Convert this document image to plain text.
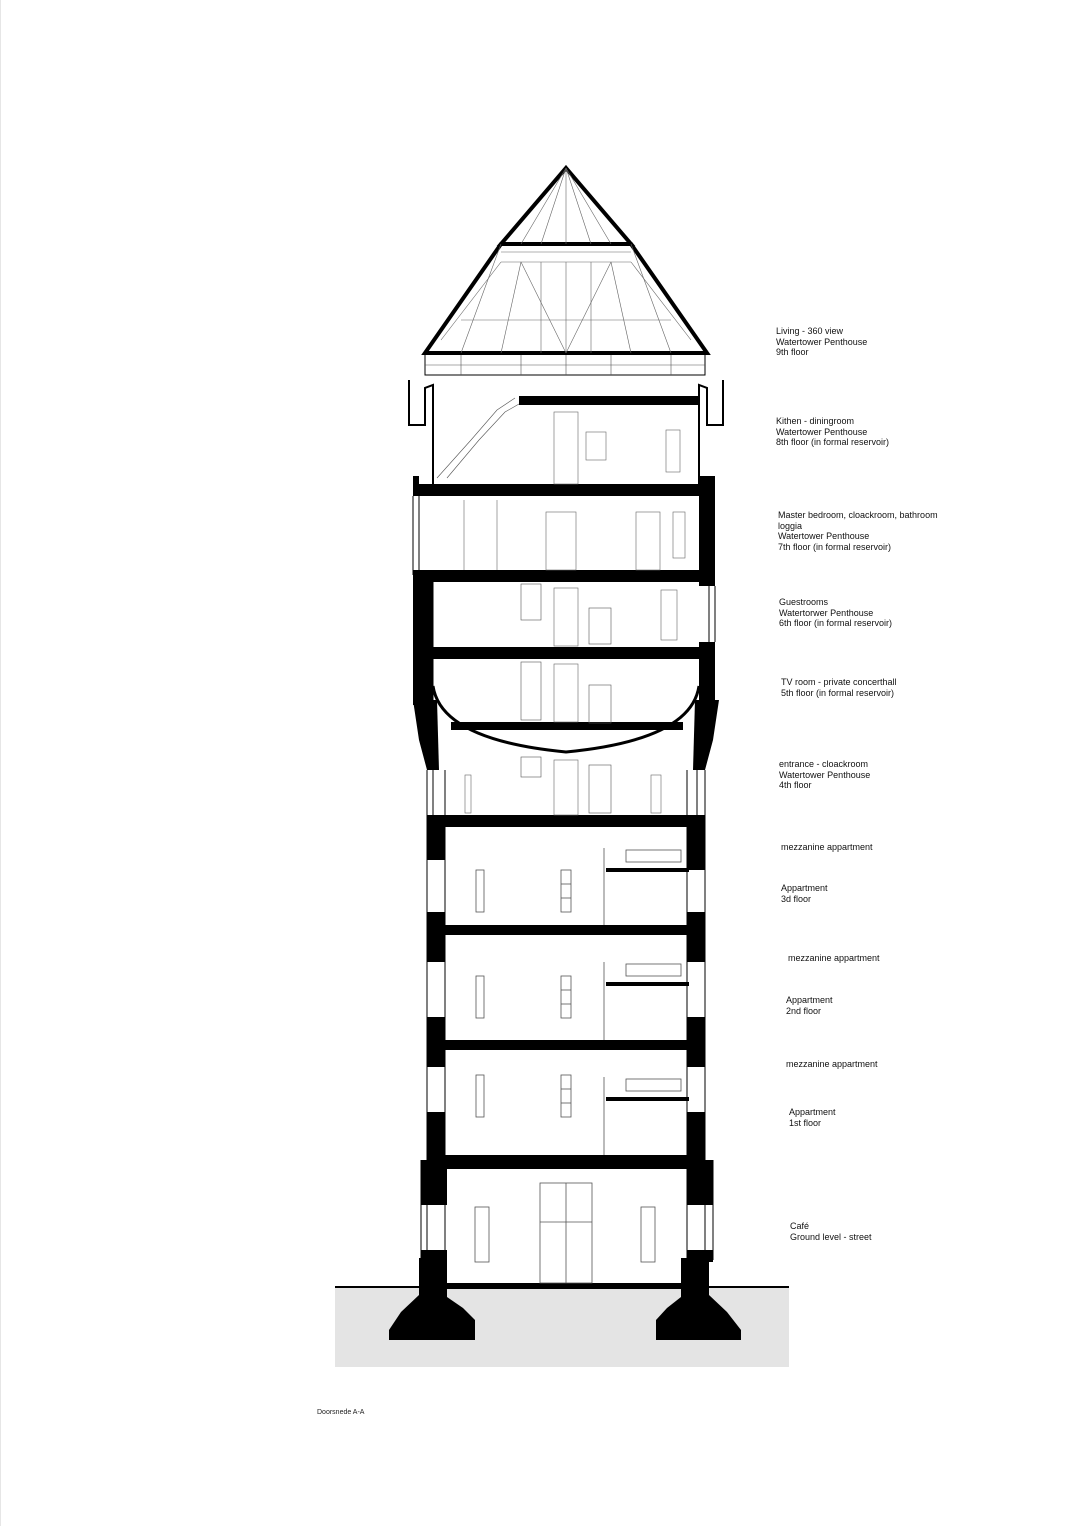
Living - 360 view
Watertower Penthouse
9th floor
Kithen - diningroom
Watertower Penthouse
8th floor (in formal reservoir)
Master bedroom, cloackroom, bathroom
loggia
Watertower Penthouse
7th floor (in formal reservoir)
Guestrooms
Watertorwer Penthouse
6th floor (in formal reservoir)
TV room - private concerthall
5th floor (in formal reservoir)
entrance - cloackroom
Watertower Penthouse
4th floor
mezzanine appartment
Appartment
3d floor
mezzanine appartment
Appartment
2nd floor
mezzanine appartment
Appartment
1st floor
Café
Ground level - street
Doorsnede A-A
